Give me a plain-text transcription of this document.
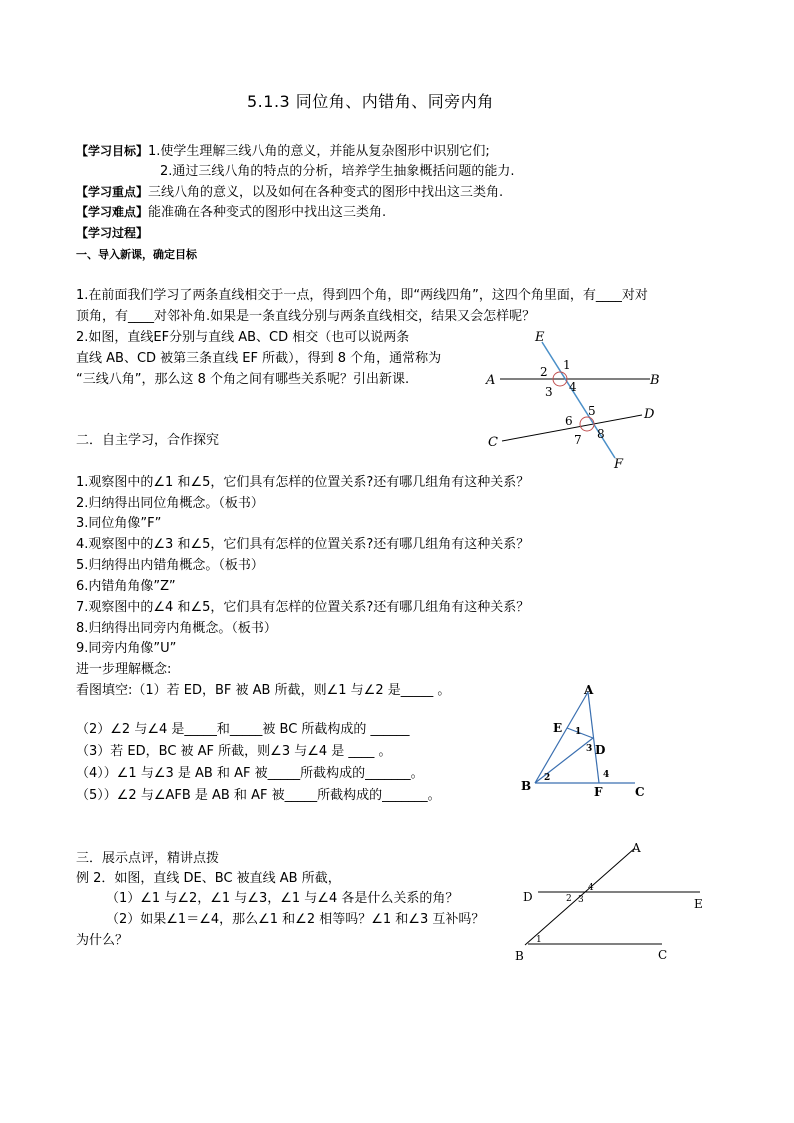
5.1.3 同位角、内错角、同旁内角
【学习目标】1.使学生理解三线八角的意义，并能从复杂图形中识别它们;
2.通过三线八角的特点的分析，培养学生抽象概括问题的能力.
【学习重点】三线八角的意义，以及如何在各种变式的图形中找出这三类角.
【学习难点】能准确在各种变式的图形中找出这三类角.
【学习过程】
一、导入新课，确定目标
1.在前面我们学习了两条直线相交于一点，得到四个角，即“两线四角”，这四个角里面，有____对对
顶角，有____对邻补角.如果是一条直线分别与两条直线相交，结果又会怎样呢？
2.如图，直线EF分别与直线 AB、CD 相交（也可以说两条
直线 AB、CD 被第三条直线 EF 所截），得到 8 个角，通常称为
“三线八角”，那么这 8 个角之间有哪些关系呢？引出新课.
E
A	B
C
D
F
1
2
3 4
5
6
7 8
二．自主学习，合作探究
1.观察图中的∠1 和∠5，它们具有怎样的位置关系?还有哪几组角有这种关系？
2.归纳得出同位角概念。（板书）
3.同位角像”F”
4.观察图中的∠3 和∠5，它们具有怎样的位置关系?还有哪几组角有这种关系？
5.归纳得出内错角概念。（板书）
6.内错角角像”Z”
7.观察图中的∠4 和∠5，它们具有怎样的位置关系?还有哪几组角有这种关系？
8.归纳得出同旁内角概念。（板书）
9.同旁内角像”U”
进一步理解概念:
看图填空:（1）若 ED，BF 被 AB 所截，则∠1 与∠2 是_____ 。
（2）∠2 与∠4 是_____和_____被 BC 所截构成的 ______
（3）若 ED，BC 被 AF 所截，则∠3 与∠4 是 ____ 。
（4））∠1 与∠3 是 AB 和 AF 被_____所截构成的_______。
（5））∠2 与∠AFB 是 AB 和 AF 被_____所截构成的_______。
A
E
D
B	F	C
1
2
3
4
三．展示点评，精讲点拨
例 2．如图，直线 DE、BC 被直线 AB 所截，
（1）∠1 与∠2，∠1 与∠3，∠1 与∠4 各是什么关系的角？
（2）如果∠1＝∠4，那么∠1 和∠2 相等吗？∠1 和∠3 互补吗？
为什么？
A
D	E
B	C
1
2 3
4
